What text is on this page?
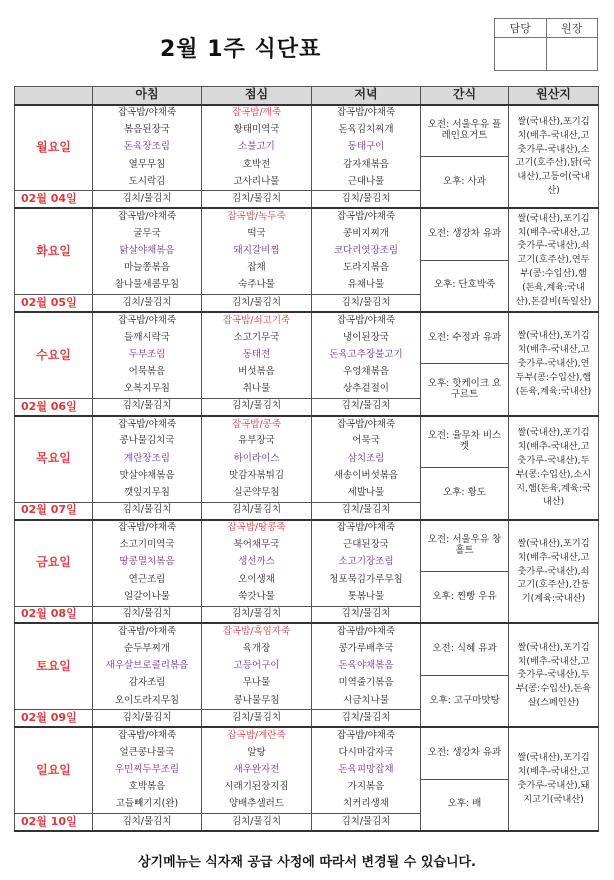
2월 1주 식단표
담당	원장

	아침	점심	저녁	간식	원산지
월요일	잡곡밥/야채죽	잡곡밥/깨죽	잡곡밥/야채죽	오전: 서울우유 플레인요거트	쌀(국내산),포기김치(배추-국내산,고춧가루-국내산),소고기(호주산),닭(국내산),고등어(국내산)
	볶음된장국	황태미역국	돈육김치찌개		
	돈육장조림	소불고기	동태구이		
	열무무침	호박전	감자채볶음	오후: 사과	
	도시락김	고사리나물	근대나물		
02월 04일	김치/물김치	김치/물김치	김치/물김치		
화요일	잡곡밥/야채죽	잡곡밥/녹두죽	잡곡밥/야채죽	오전: 생강차 유과	쌀(국내산),포기김치(배추-국내산,고춧가루-국내산),쇠고기(호주산),연두부(콩:수입산),햄(돈육,계육:국내산),돈갈비(독일산)
	굴무국	떡국	콩비지찌개		
	닭살야채볶음	돼지갈비찜	코다리엿장조림		
	마늘쫑볶음	잡채	도라지볶음	오후: 단호박죽	
	참나물새콤무침	숙주나물	유채나물		
02월 05일	김치/물김치	김치/물김치	김치/물김치		
수요일	잡곡밥/야채죽	잡곡밥/쇠고기죽	잡곡밥/야채죽	오전: 수정과 유과	쌀(국내산),포기김치(배추-국내산,고춧가루-국내산),연두부(콩:수입산),햄(돈육,계육:국내산)
	들깨시락국	소고기무국	냉이된장국		
	두부조림	동태전	돈육고추장불고기		
	어묵볶음	버섯볶음	우엉채볶음	오후: 핫케이크 요구르트	
	오복지무침	취나물	상추겉절이		
02월 06일	김치/물김치	김치/물김치	김치/물김치		
목요일	잡곡밥/야채죽	잡곡밥/콩죽	잡곡밥/야채죽	오전: 율무차 비스켓	쌀(국내산),포기김치(배추-국내산,고춧가루-국내산),두부(콩:수입산),소시지,햄(돈육,계육:국내산)
	콩나물김치국	유부장국	어묵국		
	계란장조림	하이라이스	삼치조림		
	맛살야채볶음	맛감자볶튀김	새송이버섯볶음	오후: 황도	
	깻잎지무침	실곤약무침	세발나물		
02월 07일	김치/물김치	김치/물김치	김치/물김치		
금요일	잡곡밥/야채죽	잡곡밥/땅콩죽	잡곡밥/야채죽	오전: 서울우유 창홀트	쌀(국내산),포기김치(배추-국내산,고춧가루-국내산),쇠고기(호주산),간동기(계육:국내산)
	소고기미역국	북어채무국	근대된장국		
	땅콩멸치볶음	생선까스	소고기장조림		
	연근조림	오이생채	청포묵김가루무침	오후: 찐빵 우유	
	얼갈이나물	쑥갓나물	톳볶나물		
02월 08일	김치/물김치	김치/물김치	김치/물김치		
토요일	잡곡밥/야채죽	잡곡밥/흑임자죽	잡곡밥/야채죽	오전: 식혜 유과	쌀(국내산),포기김치(배추-국내산,고춧가루-국내산),두부(콩:수입산),돈육살(스페인산)
	순두부찌개	육개장	콩가루배추국		
	새우살브로콜리볶음	고등어구이	돈육야채볶음		
	감자조림	무나물	미역줄기볶음	오후: 고구마맛탕	
	오이도라지무침	콩나물무침	시금치나물		
02월 09일	김치/물김치	김치/물김치	김치/물김치		
일요일	잡곡밥/야채죽	잡곡밥/계란죽	잡곡밥/야채죽	오전: 생강차 유과	쌀(국내산),포기김치(배추-국내산,고춧가루-국내산),돼지고기(국내산)
	얼큰콩나물국	알탕	다시마감자국		
	우민찌두부조림	새우완자전	돈육피망잡채		
	호박볶음	시래기된장지짐	가지볶음	오후: 배	
	고들빼기지(완)	양배추샐러드	치커리생채		
02월 10일	김치/물김치	김치/물김치	김치/물김치		
상기메뉴는 식자재 공급 사정에 따라서 변경될 수 있습니다.
